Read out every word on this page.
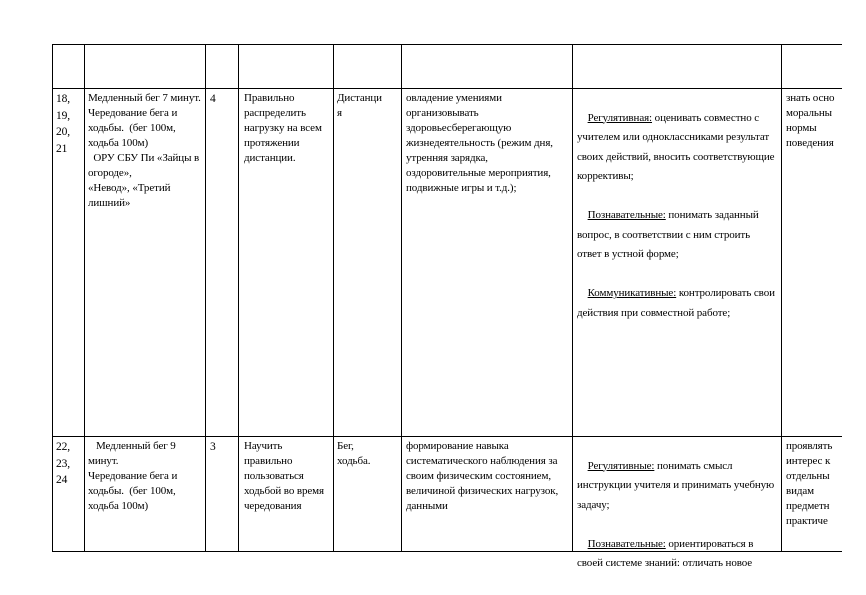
18,
19,
20,
21
Медленный бег 7 минут.
Чередование бега и ходьбы.  (бег 100м, ходьба 100м)
ОРУ СБУ Пи «Зайцы в огороде»,
«Невод», «Третий лишний»
4	Правильно распределить нагрузку на всем протяжении дистанции.
Дистанци
я
овладение умениями организовывать здоровьесберегающую жизнедеятельность (режим дня, утренняя зарядка, оздоровительные мероприятия, подвижные игры и т.д.);

Регулятивная: оценивать совместно с учителем или одноклассниками результат своих действий, вносить соответствующие коррективы;

Познавательные: понимать заданный вопрос, в соответствии с ним строить ответ в устной форме;

Коммуникативные: контролировать свои действия при совместной работе;

знать осно
моральны
нормы
поведения
22,
23,
24
Медленный бег 9 минут.
Чередование бега и ходьбы.  (бег 100м, ходьба 100м)
3	Научить правильно пользоваться ходьбой во время чередования
Бег,
ходьба.
формирование навыка систематического наблюдения за своим физическим состоянием, величиной физических нагрузок, данными

Регулятивные: понимать смысл инструкции учителя и принимать учебную задачу;

Познавательные: ориентироваться в своей системе знаний: отличать новое

проявлять
интерес к
отдельны
видам
предметн
практиче
